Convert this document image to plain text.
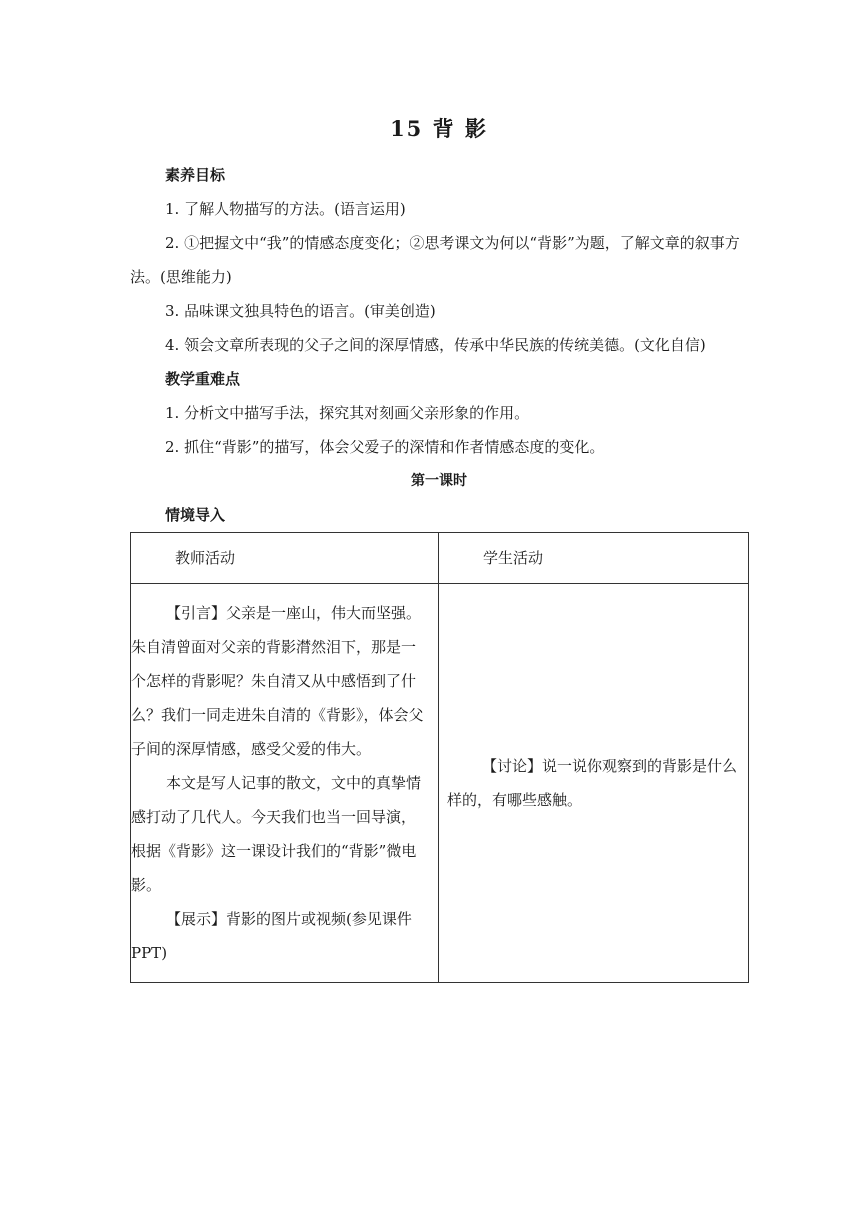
15 背 影
素养目标

1. 了解人物描写的方法。(语言运用)

2. ①把握文中“我”的情感态度变化；②思考课文为何以“背影”为题，了解文章的叙事方法。(思维能力)

3. 品味课文独具特色的语言。(审美创造)

4. 领会文章所表现的父子之间的深厚情感，传承中华民族的传统美德。(文化自信)

教学重难点

1. 分析文中描写手法，探究其对刻画父亲形象的作用。

2. 抓住“背影”的描写，体会父爱子的深情和作者情感态度的变化。

第一课时
情境导入
教师活动	学生活动

【引言】父亲是一座山，伟大而坚强。朱自清曾面对父亲的背影潸然泪下，那是一个怎样的背影呢？朱自清又从中感悟到了什么？我们一同走进朱自清的《背影》，体会父子间的深厚情感，感受父爱的伟大。

本文是写人记事的散文，文中的真挚情感打动了几代人。今天我们也当一回导演，根据《背影》这一课设计我们的“背影”微电影。

【展示】背影的图片或视频(参见课件 PPT)	【讨论】说一说你观察到的背影是什么样的，有哪些感触。
